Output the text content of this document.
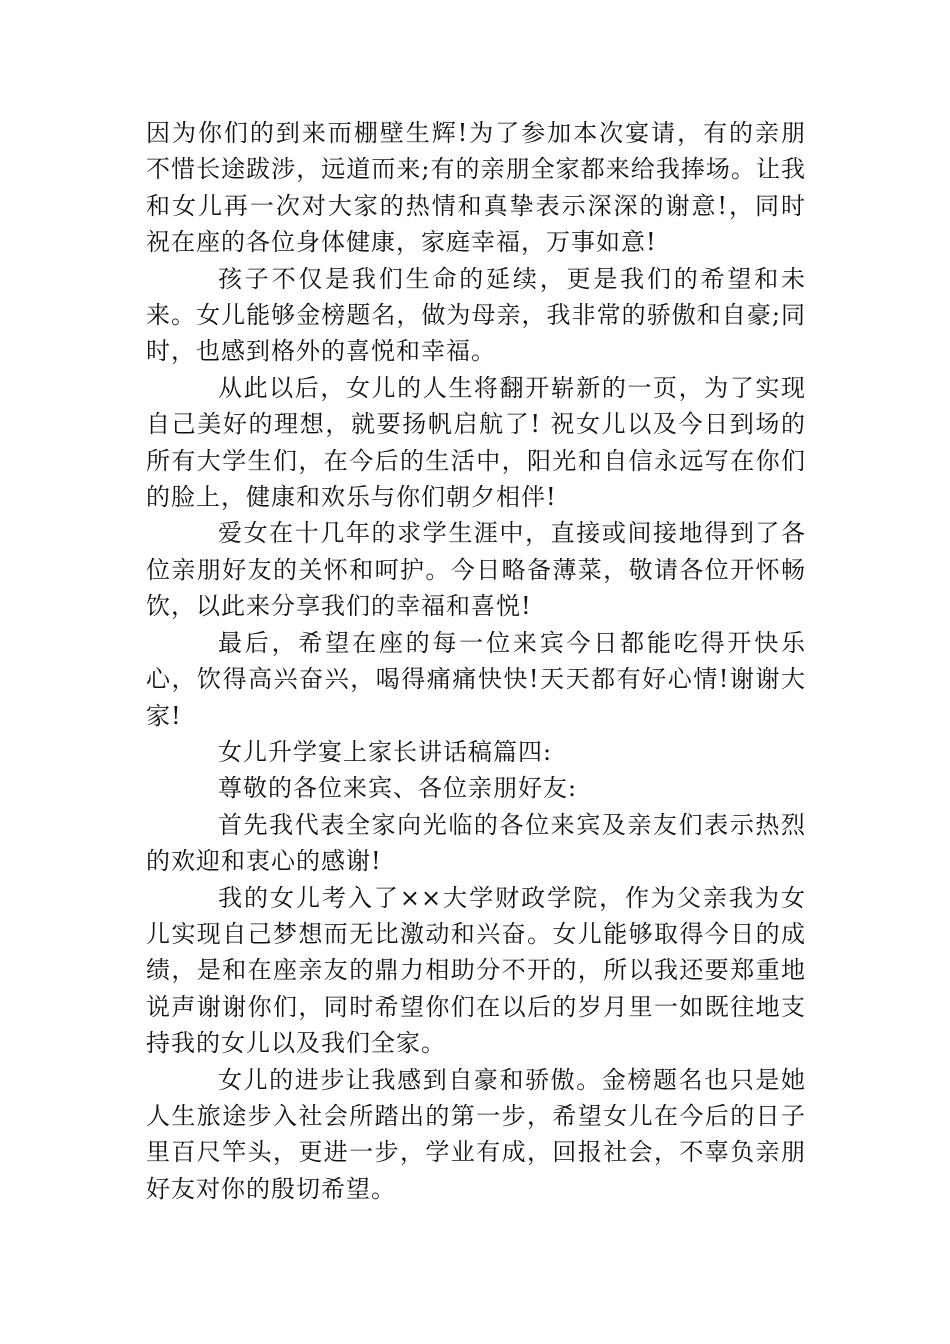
因为你们的到来而棚壁生辉!为了参加本次宴请，有的亲朋不惜长途跋涉，远道而来;有的亲朋全家都来给我捧场。让我和女儿再一次对大家的热情和真挚表示深深的谢意!，同时祝在座的各位身体健康，家庭幸福，万事如意!

孩子不仅是我们生命的延续，更是我们的希望和未来。女儿能够金榜题名，做为母亲，我非常的骄傲和自豪;同时，也感到格外的喜悦和幸福。

从此以后，女儿的人生将翻开崭新的一页，为了实现自己美好的理想，就要扬帆启航了! 祝女儿以及今日到场的所有大学生们，在今后的生活中，阳光和自信永远写在你们的脸上，健康和欢乐与你们朝夕相伴!

爱女在十几年的求学生涯中，直接或间接地得到了各位亲朋好友的关怀和呵护。今日略备薄菜，敬请各位开怀畅饮，以此来分享我们的幸福和喜悦!

最后，希望在座的每一位来宾今日都能吃得开快乐心，饮得高兴奋兴，喝得痛痛快快!天天都有好心情!谢谢大家!

女儿升学宴上家长讲话稿篇四:

尊敬的各位来宾、各位亲朋好友:

首先我代表全家向光临的各位来宾及亲友们表示热烈的欢迎和衷心的感谢!

我的女儿考入了××大学财政学院，作为父亲我为女儿实现自己梦想而无比激动和兴奋。女儿能够取得今日的成绩，是和在座亲友的鼎力相助分不开的，所以我还要郑重地说声谢谢你们，同时希望你们在以后的岁月里一如既往地支持我的女儿以及我们全家。

女儿的进步让我感到自豪和骄傲。金榜题名也只是她人生旅途步入社会所踏出的第一步，希望女儿在今后的日子里百尺竿头，更进一步，学业有成，回报社会，不辜负亲朋好友对你的殷切希望。
